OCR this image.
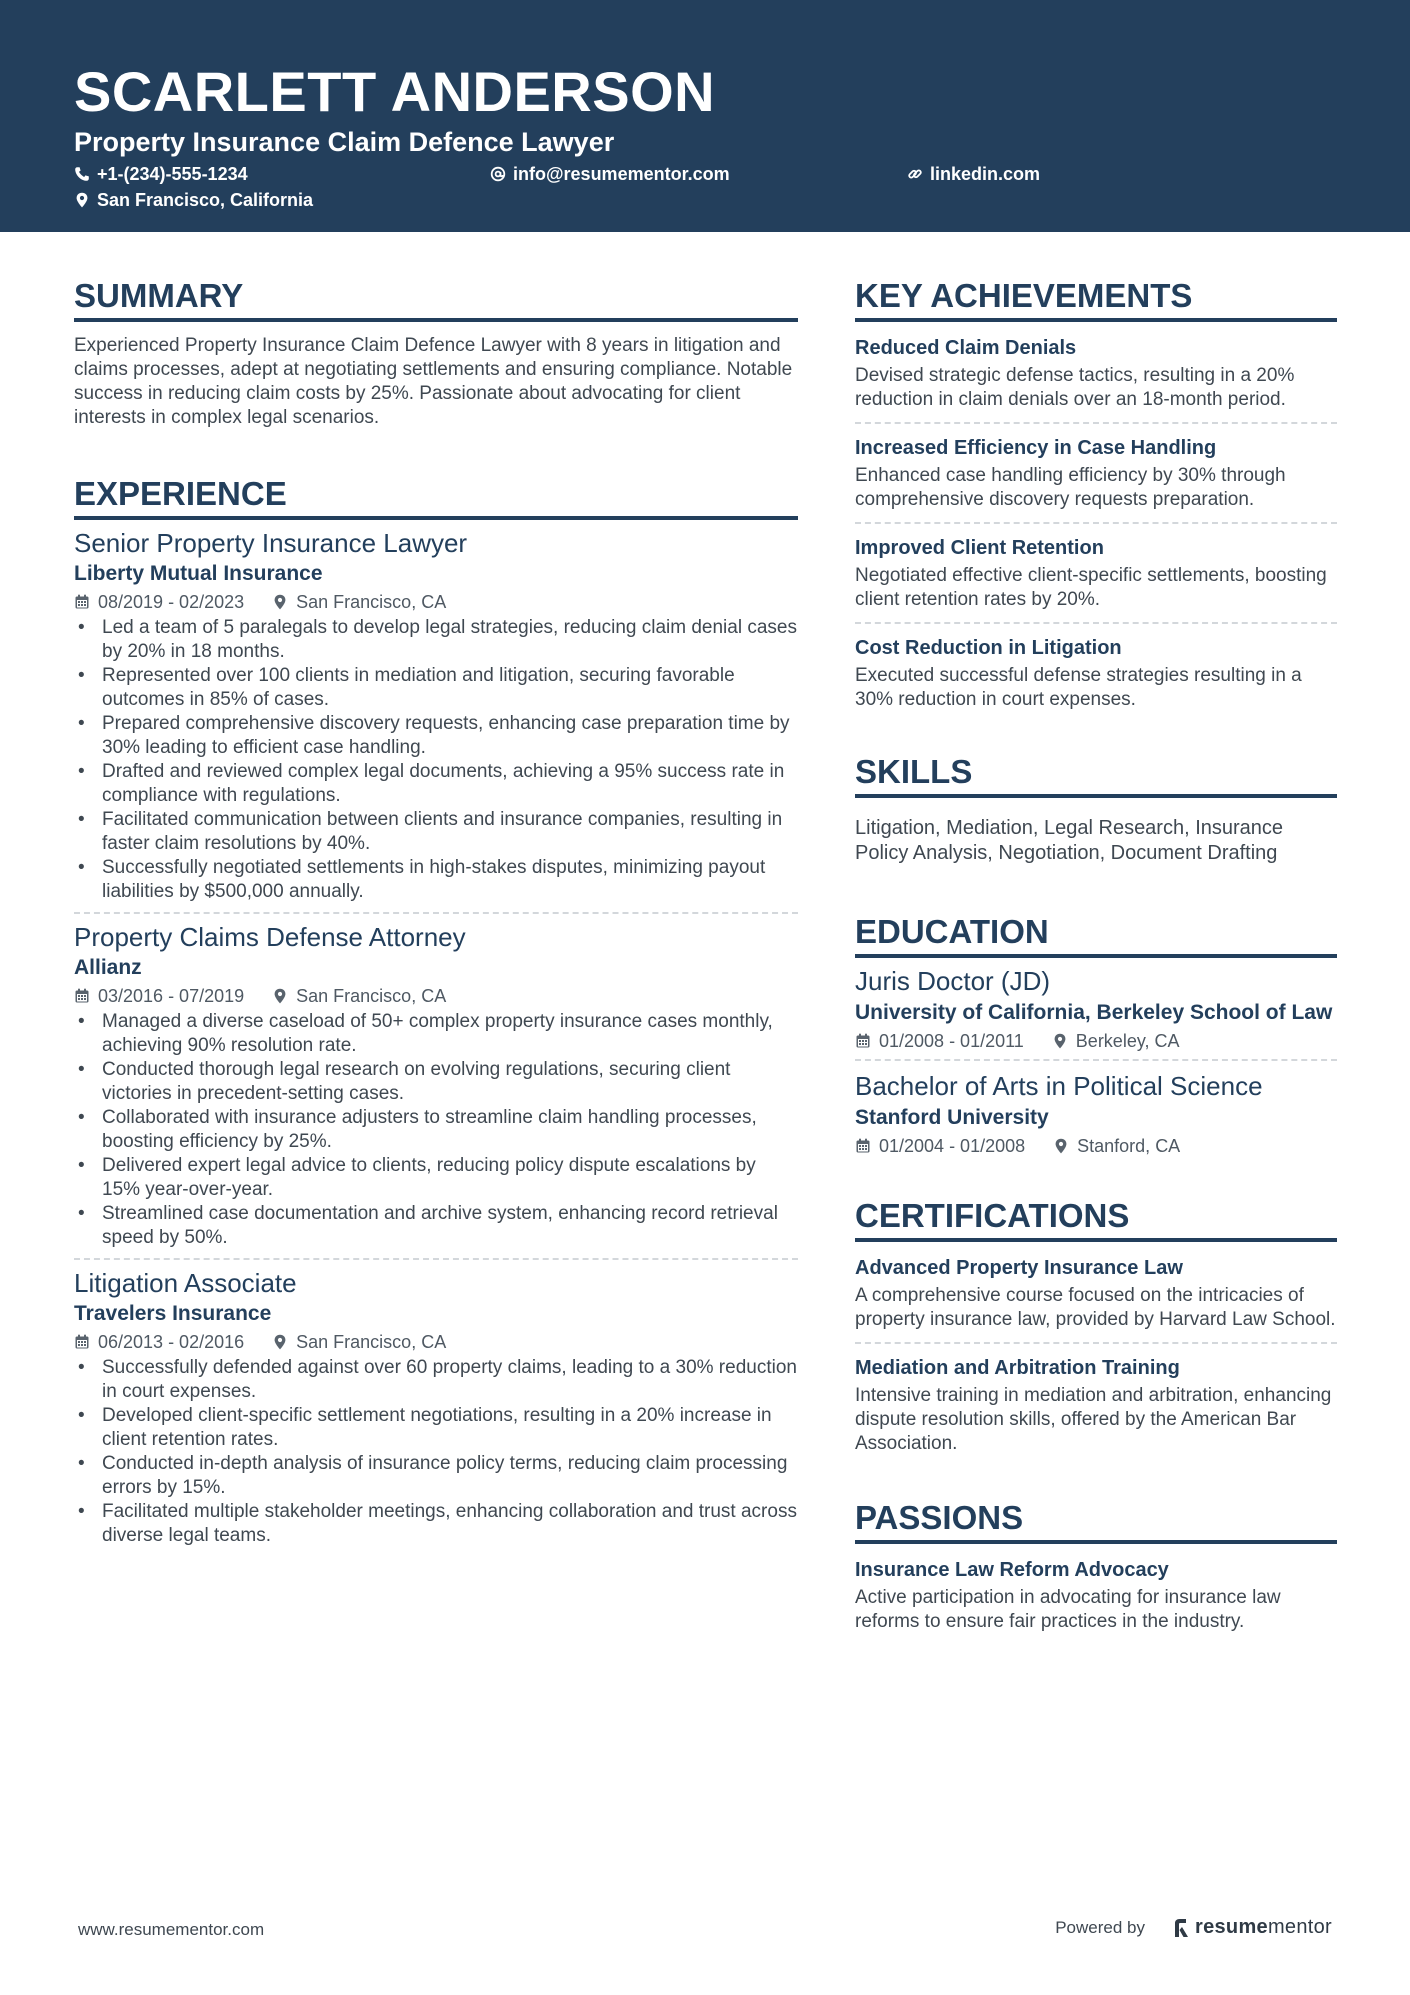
SCARLETT ANDERSON
Property Insurance Claim Defence Lawyer
+1-(234)-555-1234	info@resumementor.com	linkedin.com
San Francisco, California
SUMMARY

Experienced Property Insurance Claim Defence Lawyer with 8 years in litigation and claims processes, adept at negotiating settlements and ensuring compliance. Notable success in reducing claim costs by 25%. Passionate about advocating for client interests in complex legal scenarios.

EXPERIENCE

Senior Property Insurance Lawyer

Liberty Mutual Insurance

08/2019 - 02/2023	San Francisco, CA
• Led a team of 5 paralegals to develop legal strategies, reducing claim denial cases by 20% in 18 months.
• Represented over 100 clients in mediation and litigation, securing favorable outcomes in 85% of cases.
• Prepared comprehensive discovery requests, enhancing case preparation time by 30% leading to efficient case handling.
• Drafted and reviewed complex legal documents, achieving a 95% success rate in compliance with regulations.
• Facilitated communication between clients and insurance companies, resulting in faster claim resolutions by 40%.
• Successfully negotiated settlements in high-stakes disputes, minimizing payout liabilities by $500,000 annually.

Property Claims Defense Attorney

Allianz

03/2016 - 07/2019	San Francisco, CA
• Managed a diverse caseload of 50+ complex property insurance cases monthly, achieving 90% resolution rate.
• Conducted thorough legal research on evolving regulations, securing client victories in precedent-setting cases.
• Collaborated with insurance adjusters to streamline claim handling processes, boosting efficiency by 25%.
• Delivered expert legal advice to clients, reducing policy dispute escalations by 15% year-over-year.
• Streamlined case documentation and archive system, enhancing record retrieval speed by 50%.

Litigation Associate

Travelers Insurance

06/2013 - 02/2016	San Francisco, CA
• Successfully defended against over 60 property claims, leading to a 30% reduction in court expenses.
• Developed client-specific settlement negotiations, resulting in a 20% increase in client retention rates.
• Conducted in-depth analysis of insurance policy terms, reducing claim processing errors by 15%.
• Facilitated multiple stakeholder meetings, enhancing collaboration and trust across diverse legal teams.
KEY ACHIEVEMENTS

Reduced Claim Denials

Devised strategic defense tactics, resulting in a 20% reduction in claim denials over an 18-month period.

Increased Efficiency in Case Handling

Enhanced case handling efficiency by 30% through comprehensive discovery requests preparation.

Improved Client Retention

Negotiated effective client-specific settlements, boosting client retention rates by 20%.

Cost Reduction in Litigation

Executed successful defense strategies resulting in a 30% reduction in court expenses.

SKILLS

Litigation, Mediation, Legal Research, Insurance Policy Analysis, Negotiation, Document Drafting

EDUCATION

Juris Doctor (JD)

University of California, Berkeley School of Law

01/2008 - 01/2011	Berkeley, CA

Bachelor of Arts in Political Science

Stanford University

01/2004 - 01/2008	Stanford, CA
CERTIFICATIONS

Advanced Property Insurance Law

A comprehensive course focused on the intricacies of property insurance law, provided by Harvard Law School.

Mediation and Arbitration Training

Intensive training in mediation and arbitration, enhancing dispute resolution skills, offered by the American Bar Association.

PASSIONS

Insurance Law Reform Advocacy

Active participation in advocating for insurance law reforms to ensure fair practices in the industry.

www.resumementor.com	Powered by	resume mentor
